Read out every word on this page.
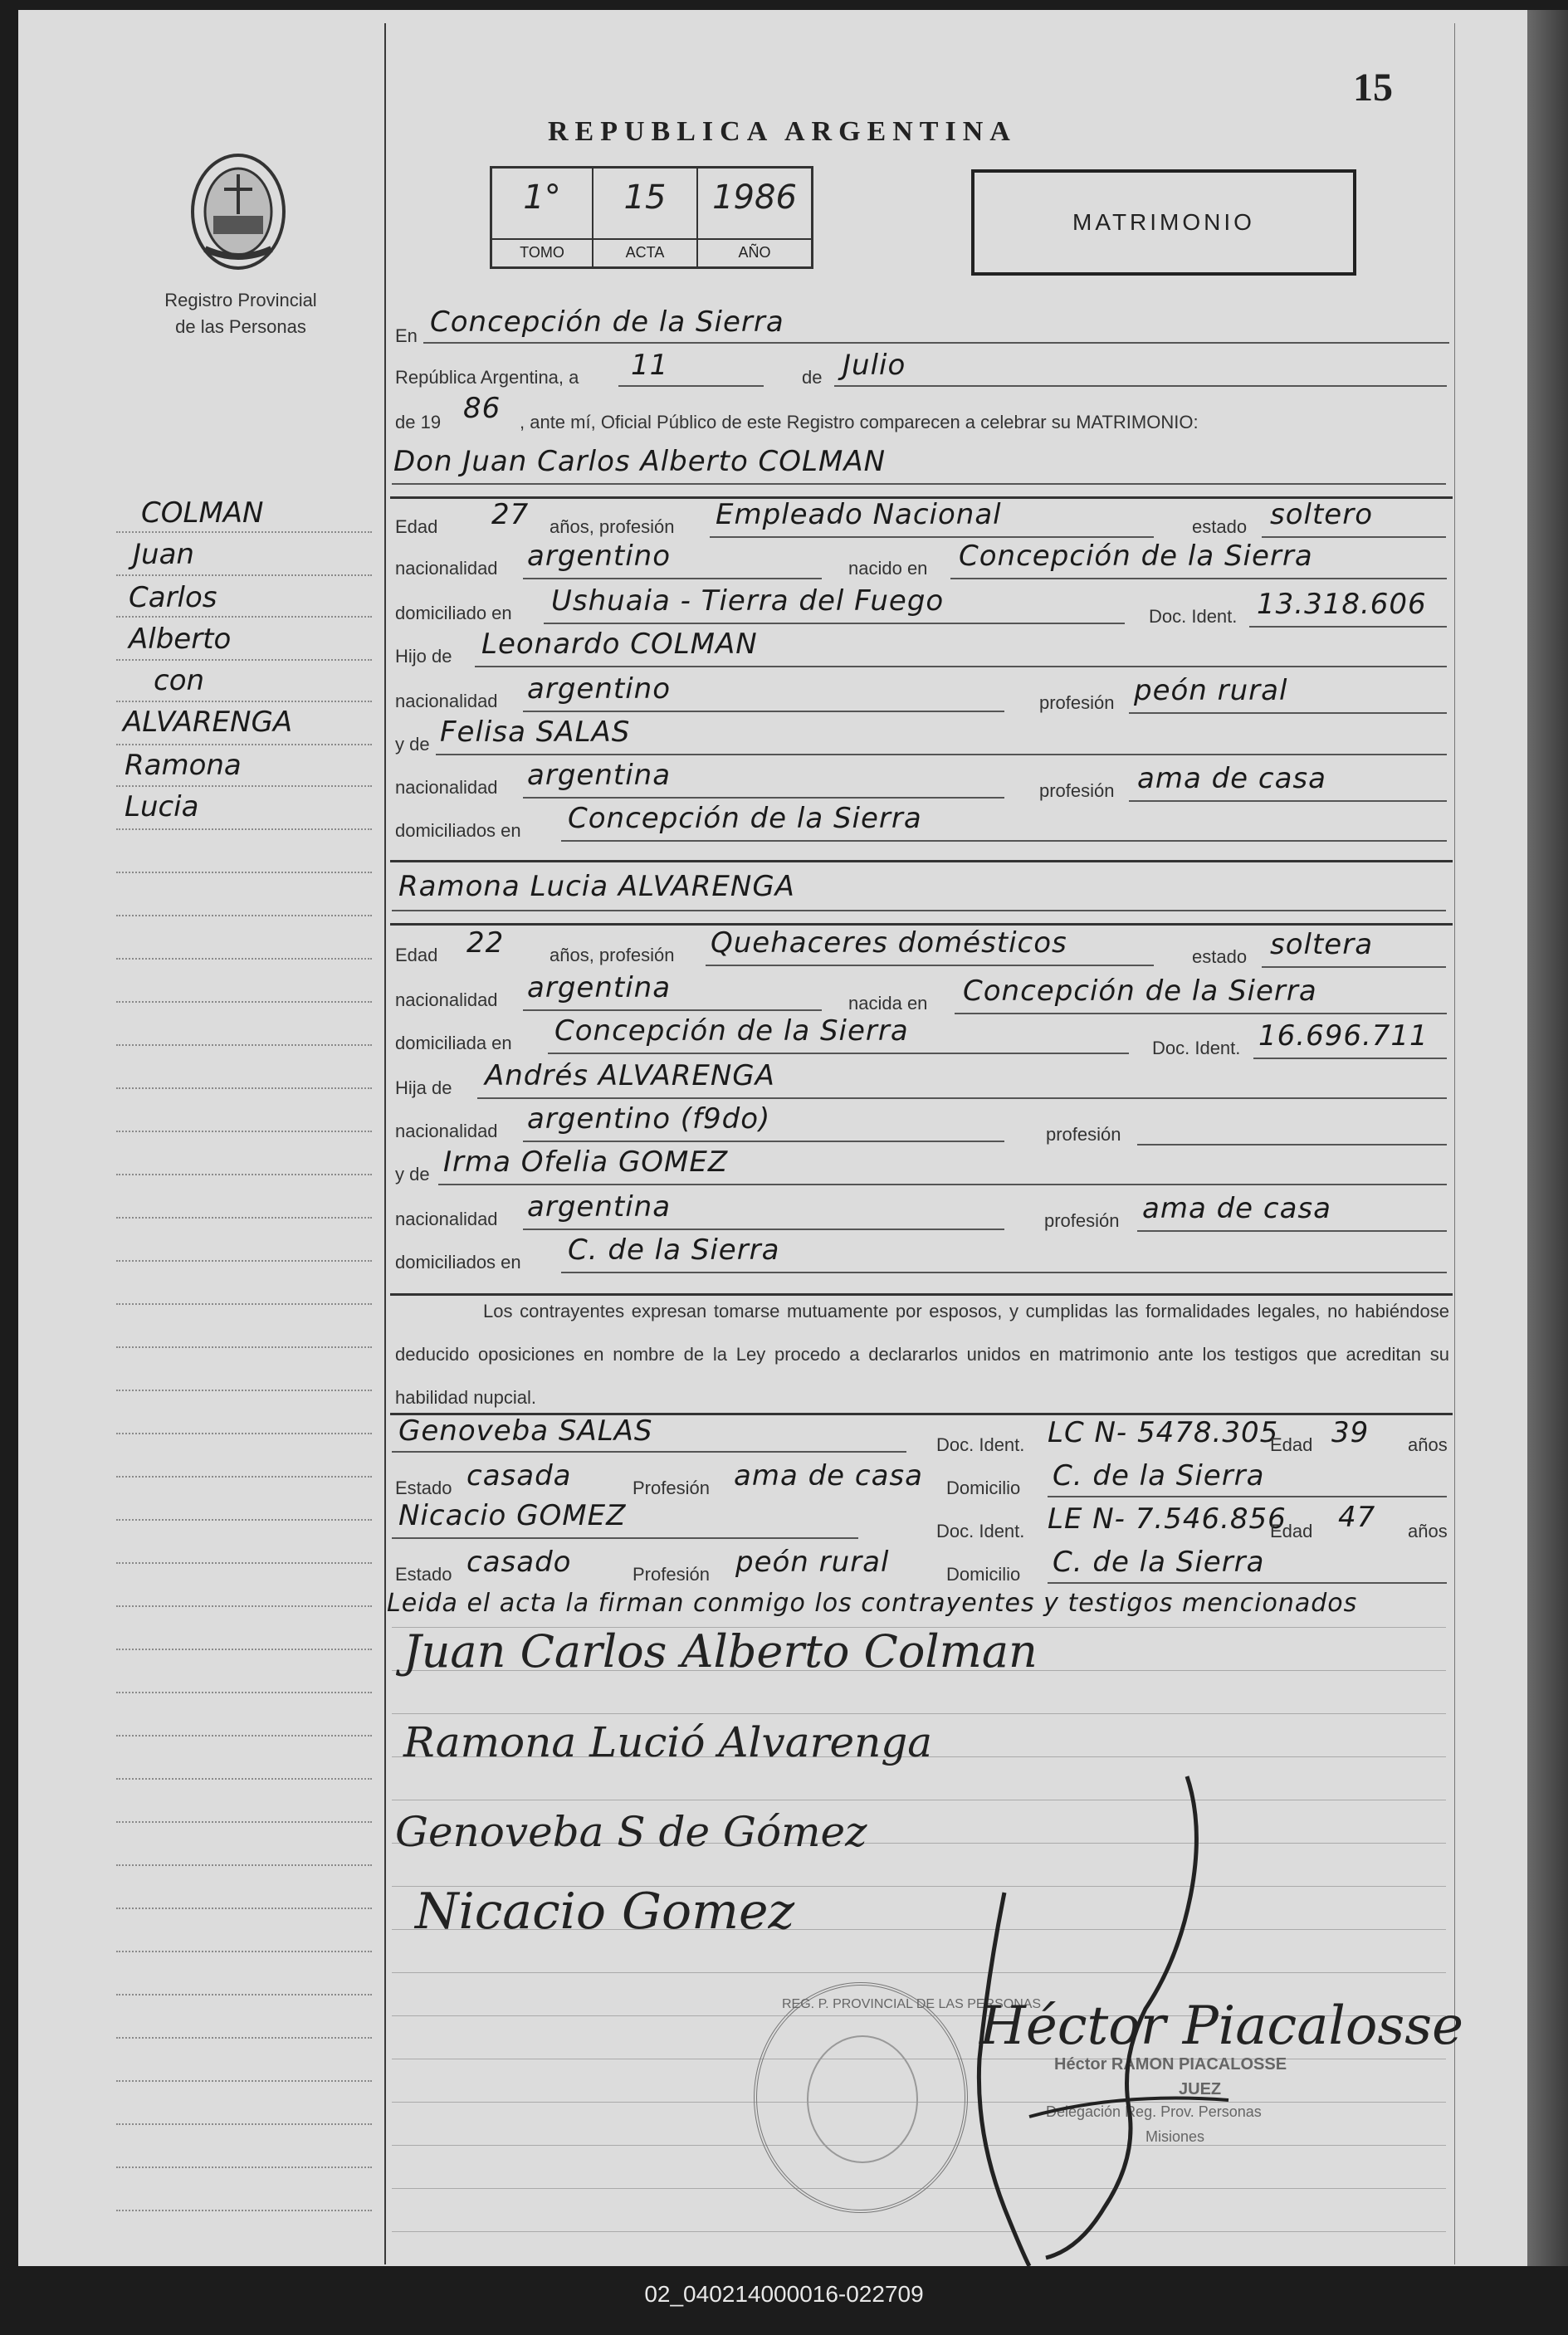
15
REPUBLICA ARGENTINA
1°
TOMO
15
ACTA
1986
AÑO
MATRIMONIO
Registro Provincial
de las Personas
COLMAN
Juan
Carlos
Alberto
con
ALVARENGA
Ramona
Lucia
En Concepción de la Sierra
República Argentina, a 11	de Julio
de 19 86 , ante mí, Oficial Público de este Registro comparecen a celebrar su MATRIMONIO:
Don Juan Carlos Alberto COLMAN
Edad 27 años, profesión Empleado Nacional	estado soltero
nacionalidad argentino	nacido en Concepción de la Sierra
domiciliado en Ushuaia - Tierra del Fuego	Doc. Ident. 13.318.606
Hijo de Leonardo COLMAN
nacionalidad argentino	profesión peón rural
y de Felisa SALAS
nacionalidad argentina	profesión ama de casa
domiciliados en Concepción de la Sierra
Ramona Lucia ALVARENGA
Edad 22 años, profesión Quehaceres domésticos	estado soltera
nacionalidad argentina	nacida en Concepción de la Sierra
domiciliada en Concepción de la Sierra
Doc. Ident. 16.696.711
Hija de Andrés ALVARENGA
nacionalidad argentino (f9do)	profesión
y de Irma Ofelia GOMEZ
nacionalidad argentina	profesión ama de casa
domiciliados en C. de la Sierra
Los contrayentes expresan tomarse mutuamente por esposos, y cumplidas las formalidades legales, no habiéndose deducido oposiciones en nombre de la Ley procedo a declararlos unidos en matrimonio ante los testigos que acreditan su habilidad nupcial.
Genoveba SALAS	Doc. Ident. LC N- 5478.305
Edad 39 años
Estado casada	Profesión ama de casa Domicilio C. de la Sierra
Nicacio GOMEZ	Doc. Ident. LE N- 7.546.856
Edad 47 años
Estado casado	Profesión peón rural	Domicilio C. de la Sierra
Leida el acta la firman conmigo los contrayentes y testigos mencionados
Juan Carlos Alberto Colman
Ramona Lució Alvarenga
Genoveba S de Gómez
Nicacio Gomez
REG. P. PROVINCIAL DE LAS PERSONAS
Héctor RAMON PIACALOSSE
JUEZ
Delegación Reg. Prov. Personas
Misiones
Héctor Piacalosse
02_040214000016-022709
